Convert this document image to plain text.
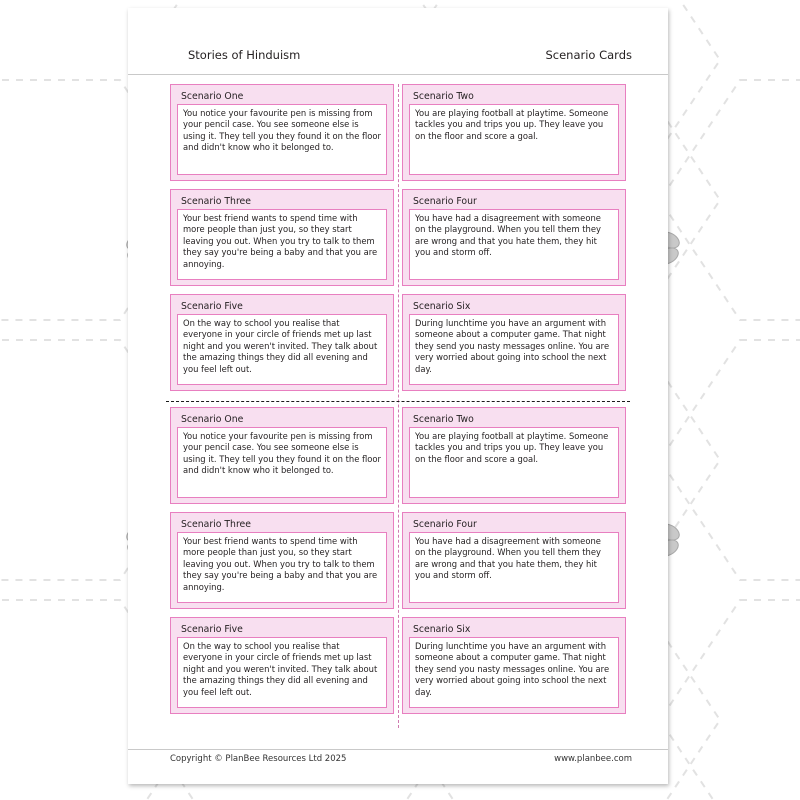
Stories of Hinduism	Scenario Cards
Scenario One
You notice your favourite pen is missing from your pencil case. You see someone else is using it. They tell you they found it on the floor and didn't know who it belonged to.
Scenario Two
You are playing football at playtime. Someone tackles you and trips you up. They leave you on the floor and score a goal.
Scenario Three
Your best friend wants to spend time with more people than just you, so they start leaving you out. When you try to talk to them they say you're being a baby and that you are annoying.
Scenario Four
You have had a disagreement with someone on the playground. When you tell them they are wrong and that you hate them, they hit you and storm off.
Scenario Five
On the way to school you realise that everyone in your circle of friends met up last night and you weren't invited. They talk about the amazing things they did all evening and you feel left out.
Scenario Six
During lunchtime you have an argument with someone about a computer game. That night they send you nasty messages online. You are very worried about going into school the next day.
Scenario One
You notice your favourite pen is missing from your pencil case. You see someone else is using it. They tell you they found it on the floor and didn't know who it belonged to.
Scenario Two
You are playing football at playtime. Someone tackles you and trips you up. They leave you on the floor and score a goal.
Scenario Three
Your best friend wants to spend time with more people than just you, so they start leaving you out. When you try to talk to them they say you're being a baby and that you are annoying.
Scenario Four
You have had a disagreement with someone on the playground. When you tell them they are wrong and that you hate them, they hit you and storm off.
Scenario Five
On the way to school you realise that everyone in your circle of friends met up last night and you weren't invited. They talk about the amazing things they did all evening and you feel left out.
Scenario Six
During lunchtime you have an argument with someone about a computer game. That night they send you nasty messages online. You are very worried about going into school the next day.
Copyright © PlanBee Resources Ltd 2025	www.planbee.com
